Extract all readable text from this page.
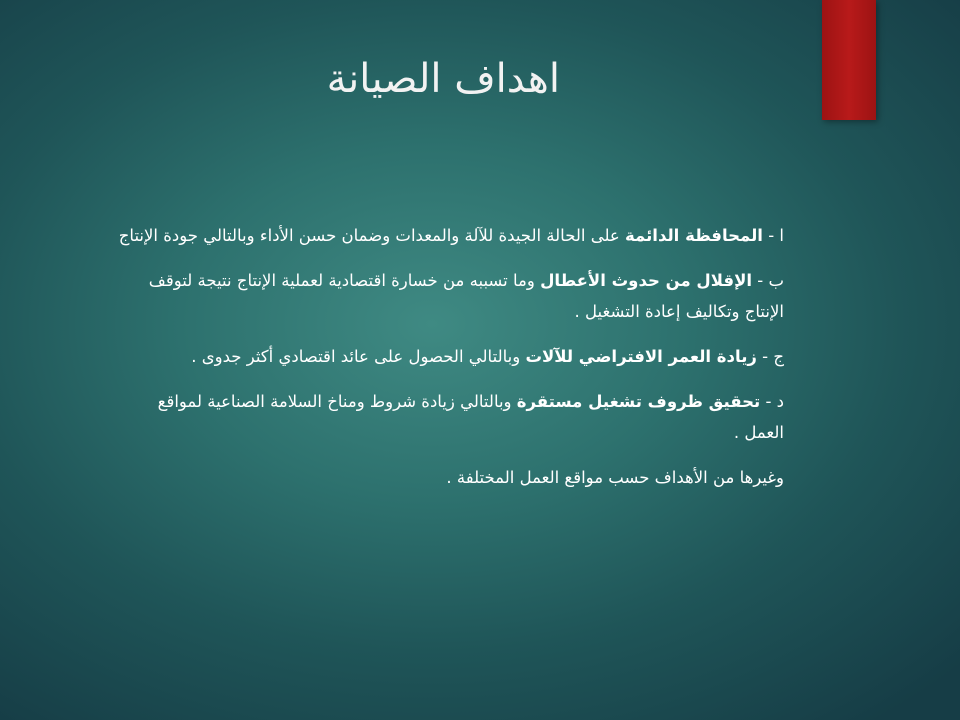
اهداف الصيانة

ا - المحافظة الدائمة على الحالة الجيدة للآلة والمعدات وضمان حسن الأداء وبالتالي جودة الإنتاج

ب - الإقلال من حدوث الأعطال وما تسببه من خسارة اقتصادية لعملية الإنتاج نتيجة لتوقف الإنتاج وتكاليف إعادة التشغيل .

ج - زيادة العمر الافتراضي للآلات وبالتالي الحصول على عائد اقتصادي أكثر جدوى .

د - تحقيق ظروف تشغيل مستقرة وبالتالي زيادة شروط ومناخ السلامة الصناعية لمواقع العمل .

وغيرها من الأهداف حسب مواقع العمل المختلفة .
